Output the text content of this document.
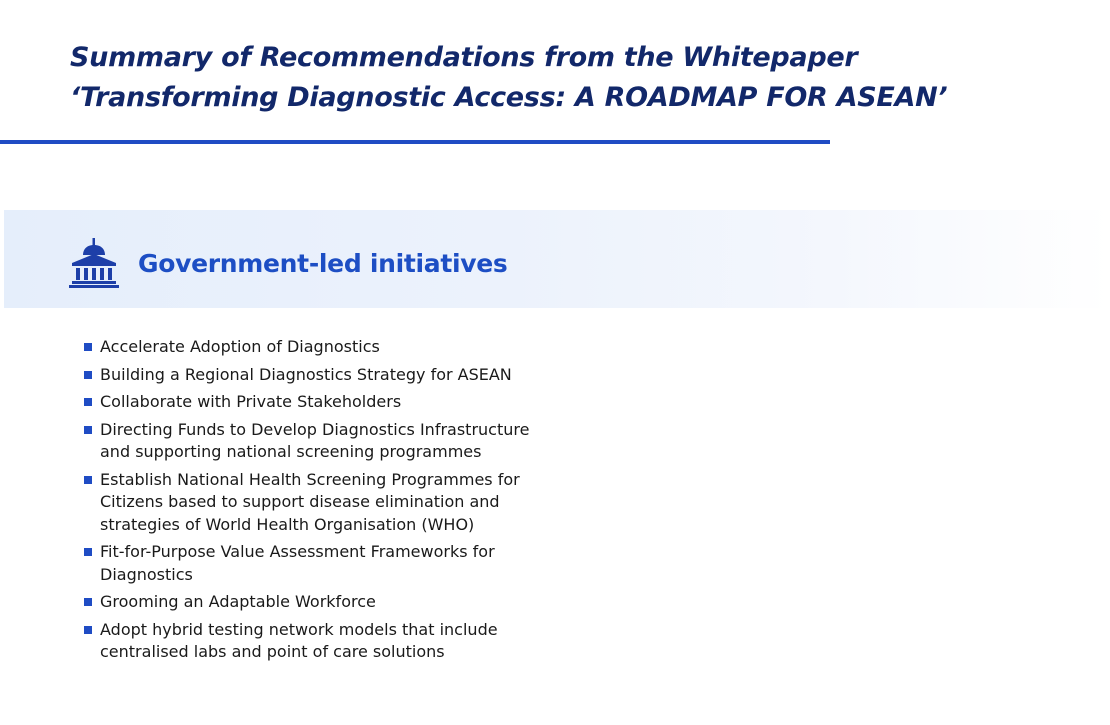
Summary of Recommendations from the Whitepaper
‘Transforming Diagnostic Access: A ROADMAP FOR ASEAN’
Government-led initiatives
Accelerate Adoption of Diagnostics
Building a Regional Diagnostics Strategy for ASEAN
Collaborate with Private Stakeholders
Directing Funds to Develop Diagnostics Infrastructure
and supporting national screening programmes
Establish National Health Screening Programmes for
Citizens based to support disease elimination and
strategies of World Health Organisation (WHO)
Fit-for-Purpose Value Assessment Frameworks for
Diagnostics
Grooming an Adaptable Workforce
Adopt hybrid testing network models that include
centralised labs and point of care solutions
